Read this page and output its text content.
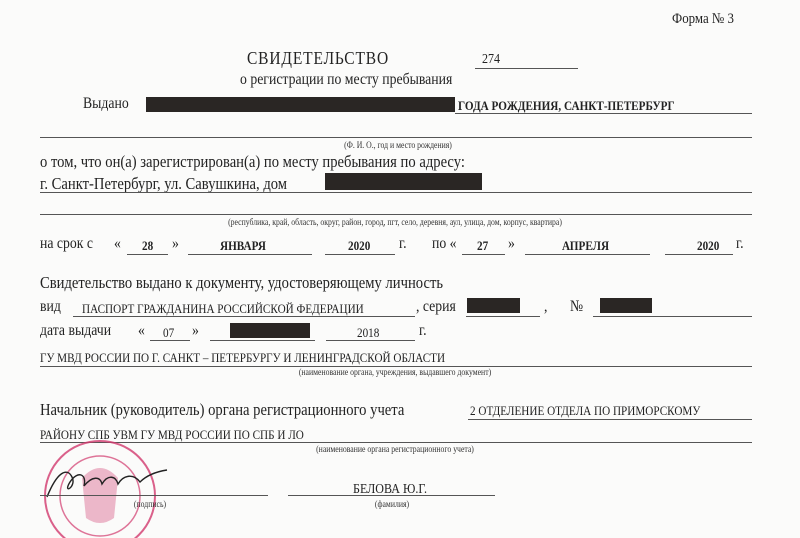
Форма № 3
СВИДЕТЕЛЬСТВО	274
о регистрации по месту пребывания
Выдано	ГОДА РОЖДЕНИЯ, САНКТ-ПЕТЕРБУРГ
(Ф. И. О., год и место рождения)
о том, что он(а) зарегистрирован(а) по месту пребывания по адресу:
г. Санкт-Петербург, ул. Савушкина, дом
(республика, край, область, округ, район, город, пгт, село, деревня, аул, улица, дом, корпус, квартира)
на срок с « 28 »	ЯНВАРЯ	2020 г. по « 27 »	АПРЕЛЯ	2020 г.
Свидетельство выдано к документу, удостоверяющему личность
вид ПАСПОРТ ГРАЖДАНИНА РОССИЙСКОЙ ФЕДЕРАЦИИ	, серия	, №
дата выдачи « 07 »	2018 г.
ГУ МВД РОССИИ ПО Г. САНКТ – ПЕТЕРБУРГУ И ЛЕНИНГРАДСКОЙ ОБЛАСТИ
(наименование органа, учреждения, выдавшего документ)
Начальник (руководитель) органа регистрационного учета	2 ОТДЕЛЕНИЕ ОТДЕЛА ПО ПРИМОРСКОМУ
РАЙОНУ СПБ УВМ ГУ МВД РОССИИ ПО СПБ И ЛО
(наименование органа регистрационного учета)
(подпись)
БЕЛОВА Ю.Г.
(фамилия)
